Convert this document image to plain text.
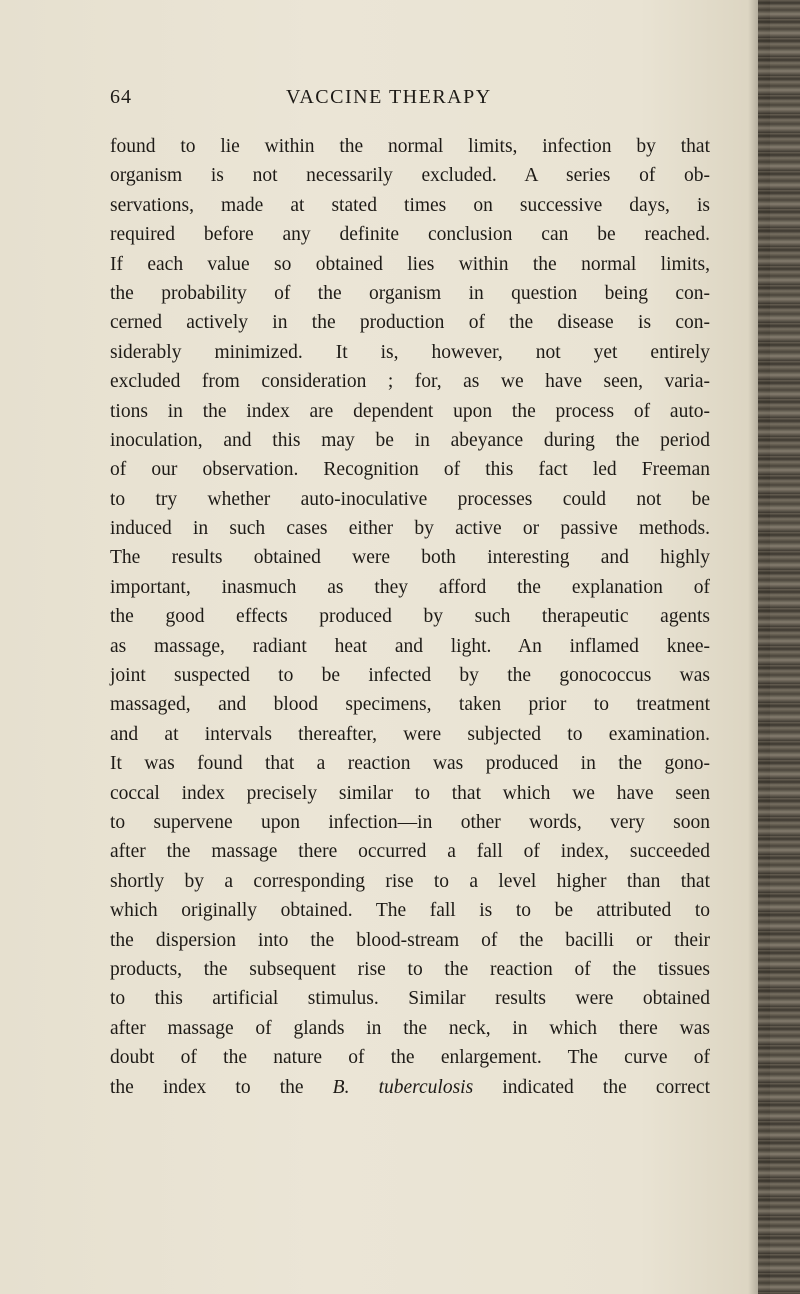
64	VACCINE THERAPY
found to lie within the normal limits, infection by that
organism is not necessarily excluded. A series of ob-
servations, made at stated times on successive days, is
required before any definite conclusion can be reached.
If each value so obtained lies within the normal limits,
the probability of the organism in question being con-
cerned actively in the production of the disease is con-
siderably minimized. It is, however, not yet entirely
excluded from consideration ; for, as we have seen, varia-
tions in the index are dependent upon the process of auto-
inoculation, and this may be in abeyance during the period
of our observation. Recognition of this fact led Freeman
to try whether auto-inoculative processes could not be
induced in such cases either by active or passive methods.
The results obtained were both interesting and highly
important, inasmuch as they afford the explanation of
the good effects produced by such therapeutic agents
as massage, radiant heat and light. An inflamed knee-
joint suspected to be infected by the gonococcus was
massaged, and blood specimens, taken prior to treatment
and at intervals thereafter, were subjected to examination.
It was found that a reaction was produced in the gono-
coccal index precisely similar to that which we have seen
to supervene upon infection—in other words, very soon
after the massage there occurred a fall of index, succeeded
shortly by a corresponding rise to a level higher than that
which originally obtained. The fall is to be attributed to
the dispersion into the blood-stream of the bacilli or their
products, the subsequent rise to the reaction of the tissues
to this artificial stimulus. Similar results were obtained
after massage of glands in the neck, in which there was
doubt of the nature of the enlargement. The curve of
the index to the B. tuberculosis indicated the correct
